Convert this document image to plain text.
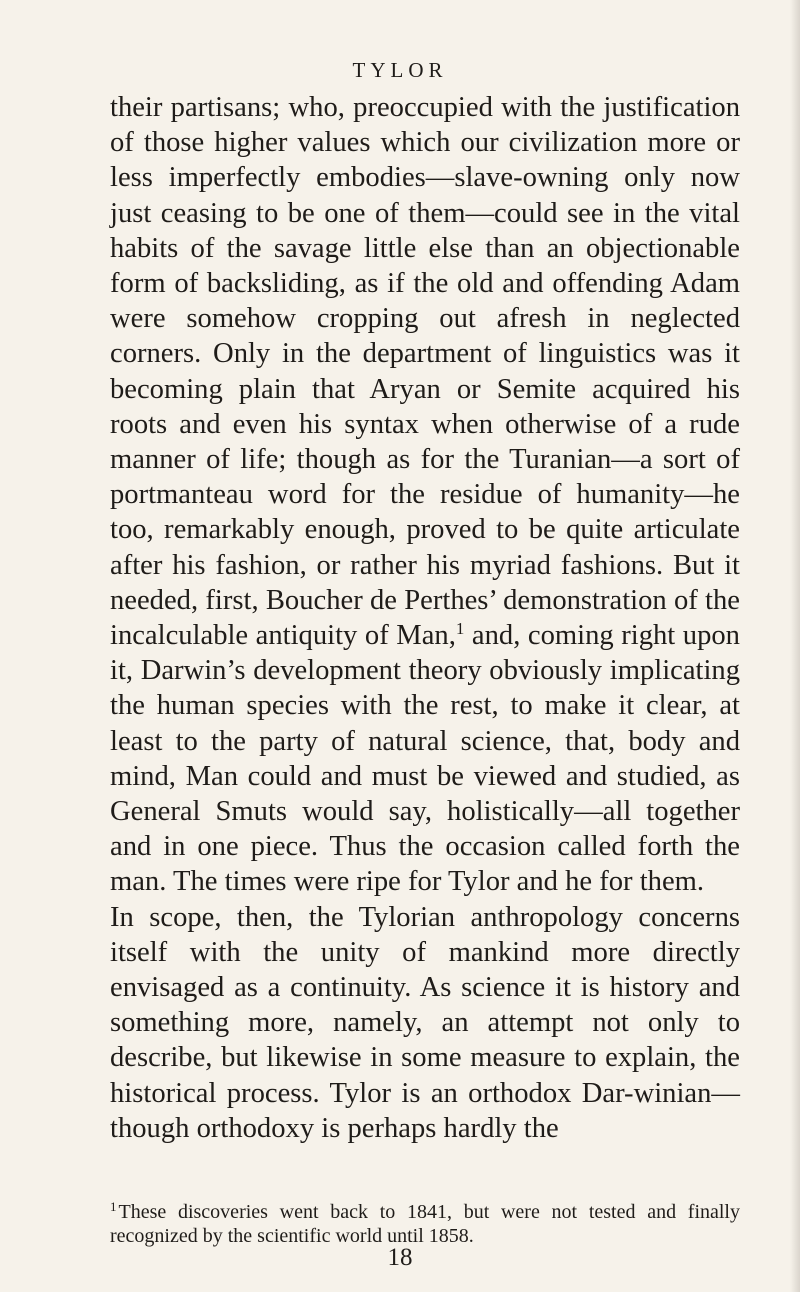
TYLOR

their partisans; who, preoccupied with the justification of those higher values which our civilization more or less imperfectly embodies—slave-owning only now just ceasing to be one of them—could see in the vital habits of the savage little else than an objectionable form of backsliding, as if the old and offending Adam were somehow cropping out afresh in neglected corners. Only in the department of linguistics was it becoming plain that Aryan or Semite acquired his roots and even his syntax when otherwise of a rude manner of life; though as for the Turanian—a sort of portmanteau word for the residue of humanity—he too, remarkably enough, proved to be quite articulate after his fashion, or rather his myriad fashions. But it needed, first, Boucher de Perthes’ demonstration of the incalculable antiquity of Man,$^1$ and, coming right upon it, Darwin’s development theory obviously implicating the human species with the rest, to make it clear, at least to the party of natural science, that, body and mind, Man could and must be viewed and studied, as General Smuts would say, holistically—all together and in one piece. Thus the occasion called forth the man. The times were ripe for Tylor and he for them.

In scope, then, the Tylorian anthropology concerns itself with the unity of mankind more directly envisaged as a continuity. As science it is history and something more, namely, an attempt not only to describe, but likewise in some measure to explain, the historical process. Tylor is an orthodox Dar-winian—though orthodoxy is perhaps hardly the

$^1$ These discoveries went back to 1841, but were not tested and finally recognized by the scientific world until 1858.
18
